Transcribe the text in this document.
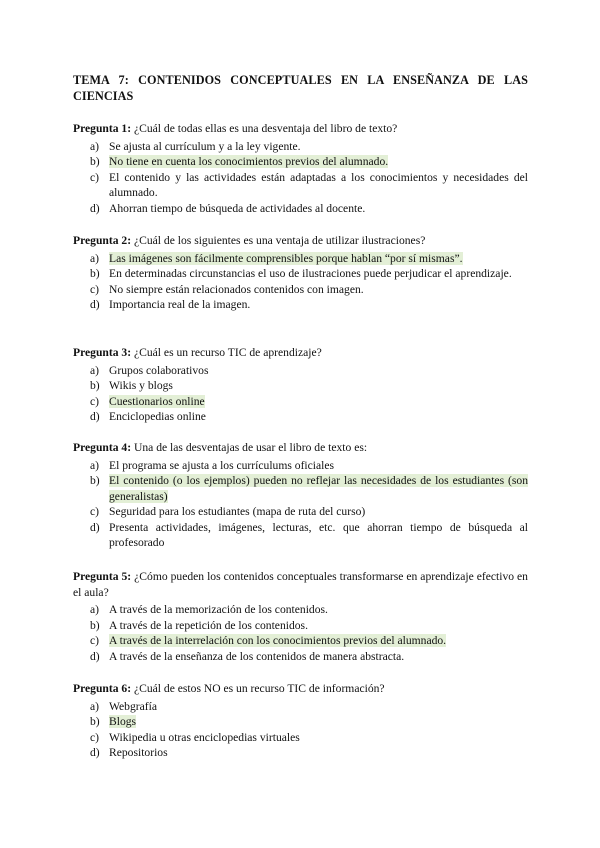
TEMA 7: CONTENIDOS CONCEPTUALES EN LA ENSEÑANZA DE LAS CIENCIAS
Pregunta 1: ¿Cuál de todas ellas es una desventaja del libro de texto?
a) Se ajusta al currículum y a la ley vigente.
b) No tiene en cuenta los conocimientos previos del alumnado.
c) El contenido y las actividades están adaptadas a los conocimientos y necesidades del alumnado.
d) Ahorran tiempo de búsqueda de actividades al docente.
Pregunta 2: ¿Cuál de los siguientes es una ventaja de utilizar ilustraciones?
a) Las imágenes son fácilmente comprensibles porque hablan “por sí mismas”.
b) En determinadas circunstancias el uso de ilustraciones puede perjudicar el aprendizaje.
c) No siempre están relacionados contenidos con imagen.
d) Importancia real de la imagen.
Pregunta 3: ¿Cuál es un recurso TIC de aprendizaje?
a) Grupos colaborativos
b) Wikis y blogs
c) Cuestionarios online
d) Enciclopedias online
Pregunta 4: Una de las desventajas de usar el libro de texto es:
a) El programa se ajusta a los currículums oficiales
b) El contenido (o los ejemplos) pueden no reflejar las necesidades de los estudiantes (son generalistas)
c) Seguridad para los estudiantes (mapa de ruta del curso)
d) Presenta actividades, imágenes, lecturas, etc. que ahorran tiempo de búsqueda al profesorado
Pregunta 5: ¿Cómo pueden los contenidos conceptuales transformarse en aprendizaje efectivo en el aula?
a) A través de la memorización de los contenidos.
b) A través de la repetición de los contenidos.
c) A través de la interrelación con los conocimientos previos del alumnado.
d) A través de la enseñanza de los contenidos de manera abstracta.
Pregunta 6: ¿Cuál de estos NO es un recurso TIC de información?
a) Webgrafía
b) Blogs
c) Wikipedia u otras enciclopedias virtuales
d) Repositorios
